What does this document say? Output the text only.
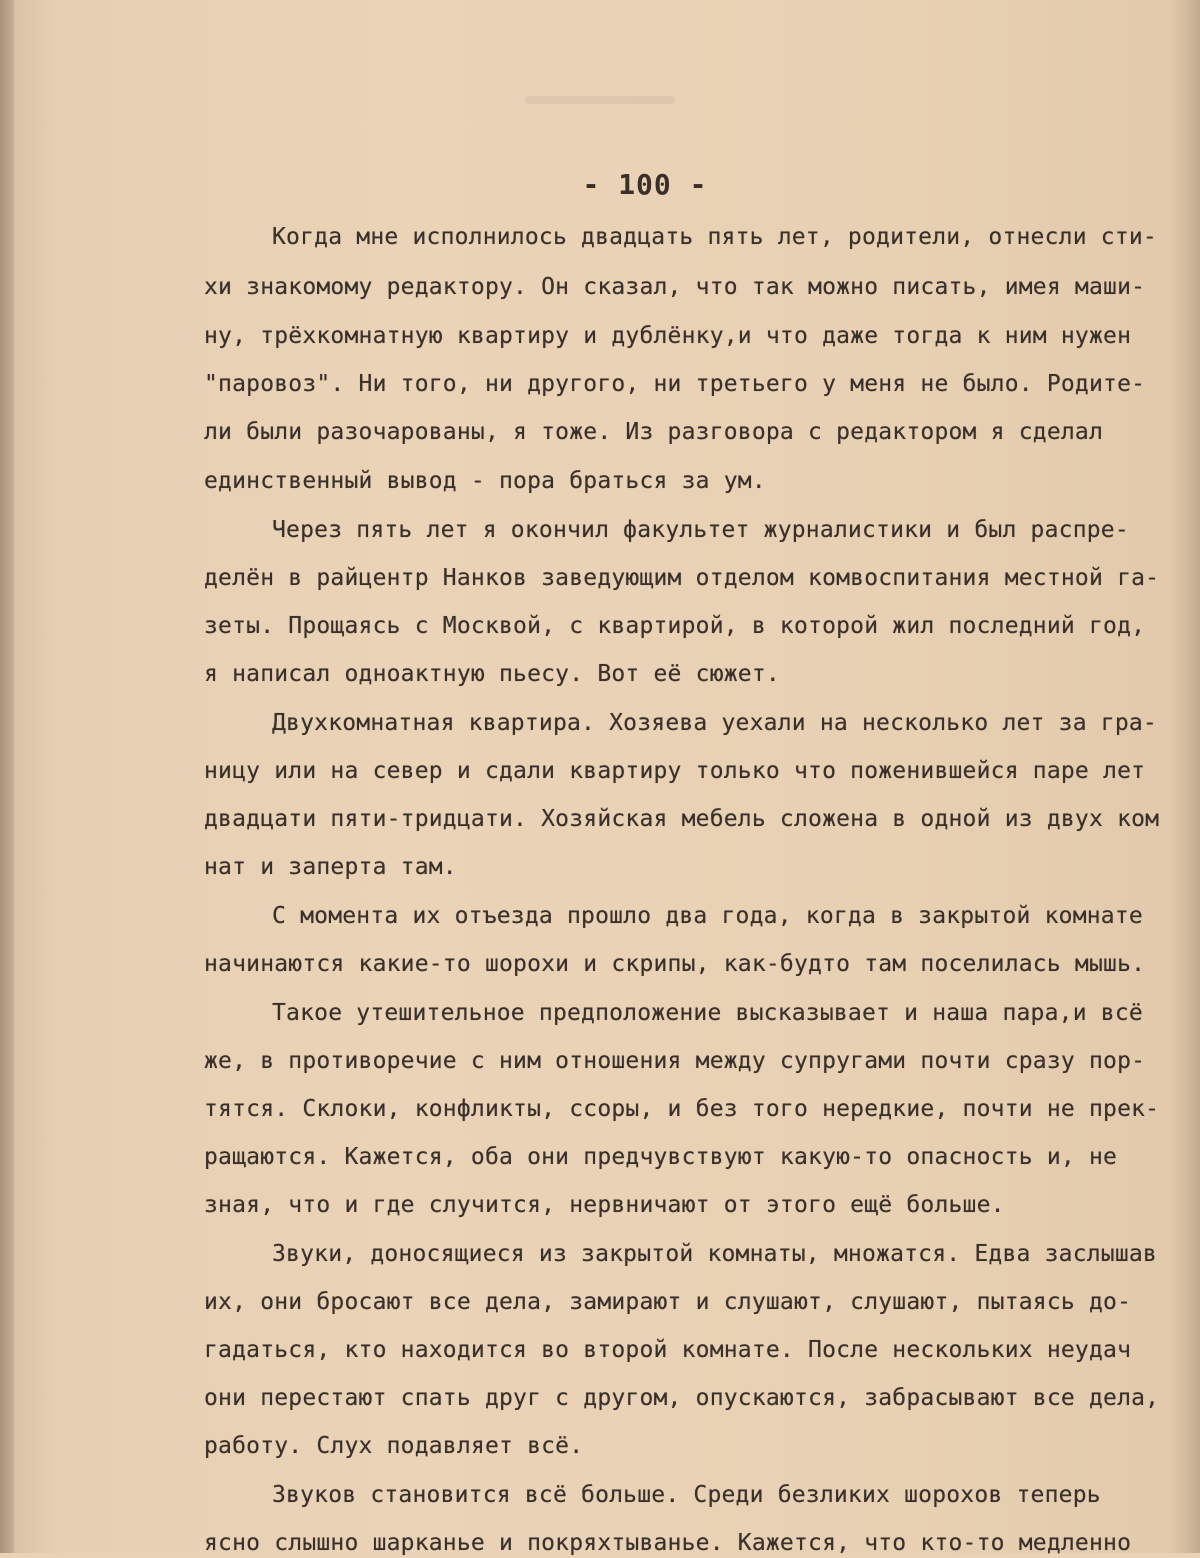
- 100 -
Когда мне исполнилось двадцать пять лет, родители, отнесли сти-
хи знакомому редактору. Он сказал, что так можно писать, имея маши-
ну, трёхкомнатную квартиру и дублёнку,и что даже тогда к ним нужен
"паровоз". Ни того, ни другого, ни третьего у меня не было. Родите-
ли были разочарованы, я тоже. Из разговора с редактором я сделал
единственный вывод - пора браться за ум.
Через пять лет я окончил факультет журналистики и был распре-
делён в райцентр Нанков заведующим отделом комвоспитания местной га-
зеты. Прощаясь с Москвой, с квартирой, в которой жил последний год,
я написал одноактную пьесу. Вот её сюжет.
Двухкомнатная квартира. Хозяева уехали на несколько лет за гра-
ницу или на север и сдали квартиру только что поженившейся паре лет
двадцати пяти-тридцати. Хозяйская мебель сложена в одной из двух ком
нат и заперта там.
С момента их отъезда прошло два года, когда в закрытой комнате
начинаются какие-то шорохи и скрипы, как-будто там поселилась мышь.
Такое утешительное предположение высказывает и наша пара,и всё
же, в противоречие с ним отношения между супругами почти сразу пор-
тятся. Склоки, конфликты, ссоры, и без того нередкие, почти не прек-
ращаются. Кажется, оба они предчувствуют какую-то опасность и, не
зная, что и где случится, нервничают от этого ещё больше.
Звуки, доносящиеся из закрытой комнаты, множатся. Едва заслышав
их, они бросают все дела, замирают и слушают, слушают, пытаясь до-
гадаться, кто находится во второй комнате. После нескольких неудач
они перестают спать друг с другом, опускаются, забрасывают все дела,
работу. Слух подавляет всё.
Звуков становится всё больше. Среди безликих шорохов теперь
ясно слышно шарканье и покряхтыванье. Кажется, что кто-то медленно
